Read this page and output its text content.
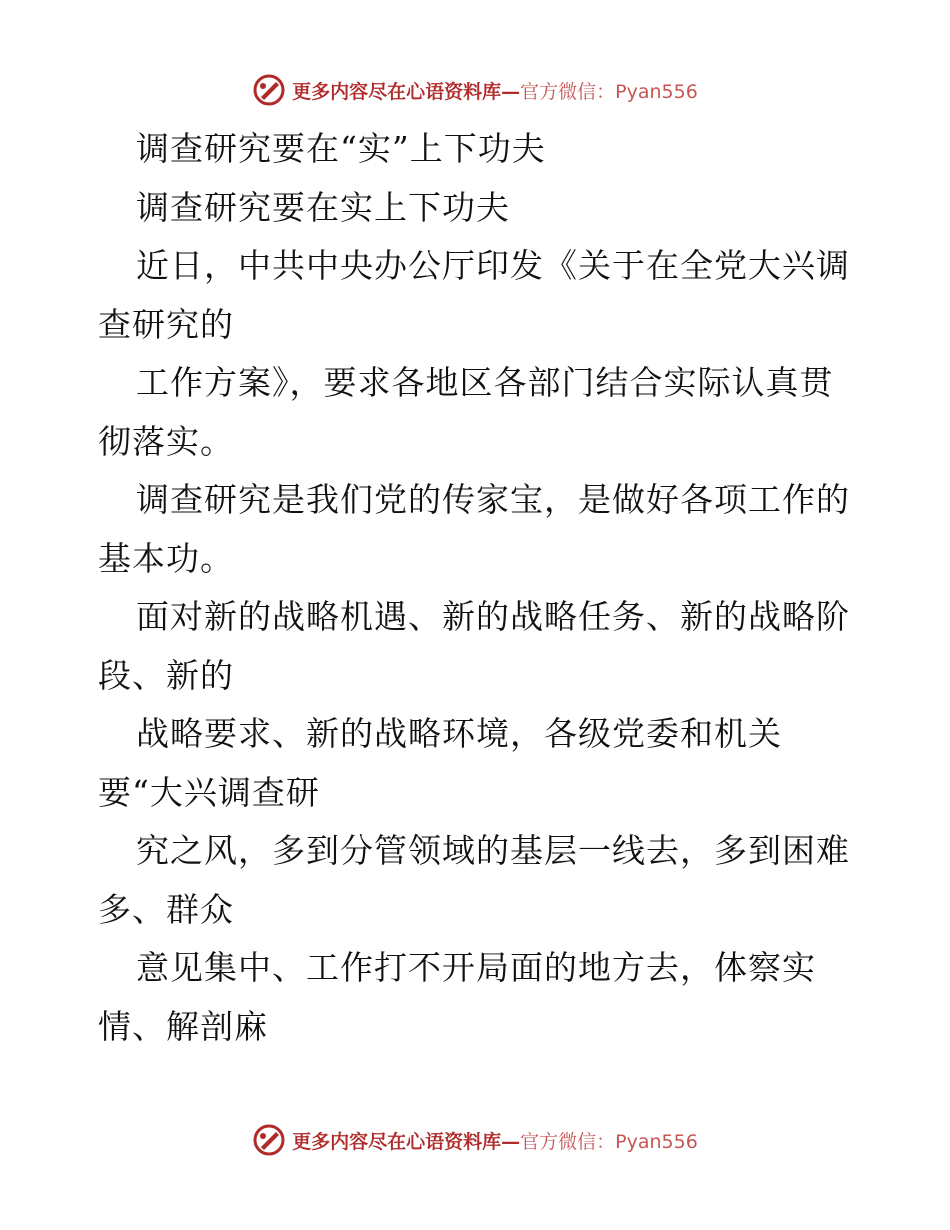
更多内容尽在心语资料库—官方微信：Pyan556
调查研究要在“实”上下功夫
调查研究要在实上下功夫
近日，中共中央办公厅印发《关于在全党大兴调
查研究的
工作方案》，要求各地区各部门结合实际认真贯
彻落实。
调查研究是我们党的传家宝，是做好各项工作的
基本功。
面对新的战略机遇、新的战略任务、新的战略阶
段、新的
战略要求、新的战略环境，各级党委和机关
要“大兴调查研
究之风，多到分管领域的基层一线去，多到困难
多、群众
意见集中、工作打不开局面的地方去，体察实
情、解剖麻
更多内容尽在心语资料库—官方微信：Pyan556
